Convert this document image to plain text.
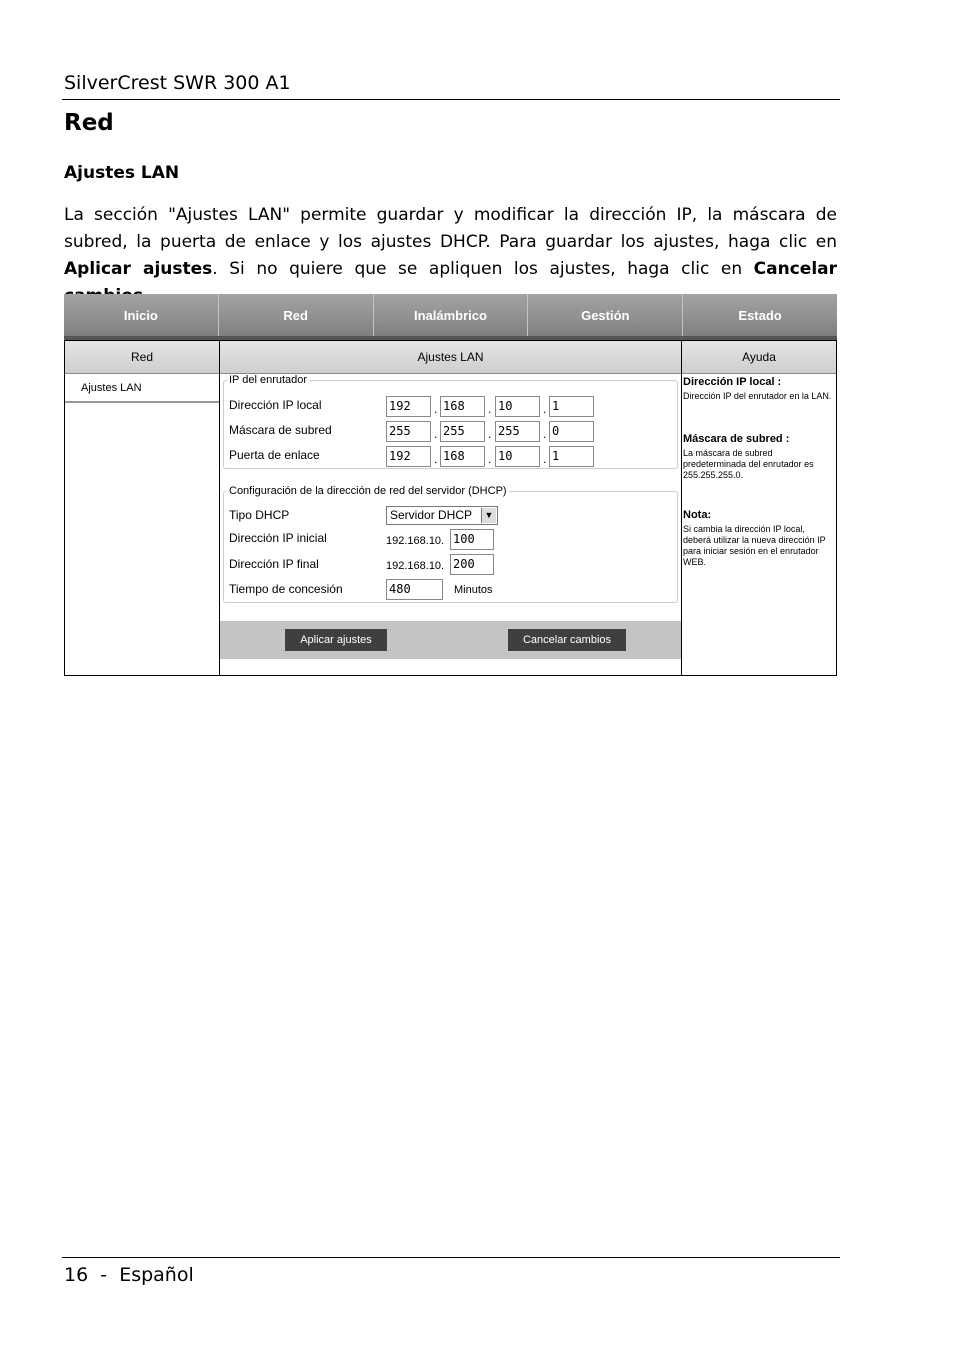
SilverCrest SWR 300 A1
Red
Ajustes LAN
La sección "Ajustes LAN" permite guardar y modificar la dirección IP, la máscara de subred, la puerta de enlace y los ajustes DHCP. Para guardar los ajustes, haga clic en Aplicar ajustes. Si no quiere que se apliquen los ajustes, haga clic en Cancelar
Inicio	Red	Inalámbrico	Gestión	Estado
Red
Ajustes LAN
Ajustes LAN
IP del enrutador
Dirección IP local	192	. 168	. 10	. 1
Máscara de subred	255	. 255	. 255	. 0
Puerta de enlace	192	. 168	. 10	. 1
Configuración de la dirección de red del servidor (DHCP)
Tipo DHCP	Servidor DHCP	▼
Dirección IP inicial	192.168.10. 100
Dirección IP final	192.168.10. 200
Tiempo de concesión	480	Minutos
Aplicar ajustes	Cancelar cambios
Ayuda
Dirección IP local :
Dirección IP del enrutador en la LAN.
Máscara de subred :
La máscara de subred predeterminada del enrutador es 255.255.255.0.
Nota:
Si cambia la dirección IP local, deberá utilizar la nueva dirección IP para iniciar sesión en el enrutador WEB.
16  -  Español
